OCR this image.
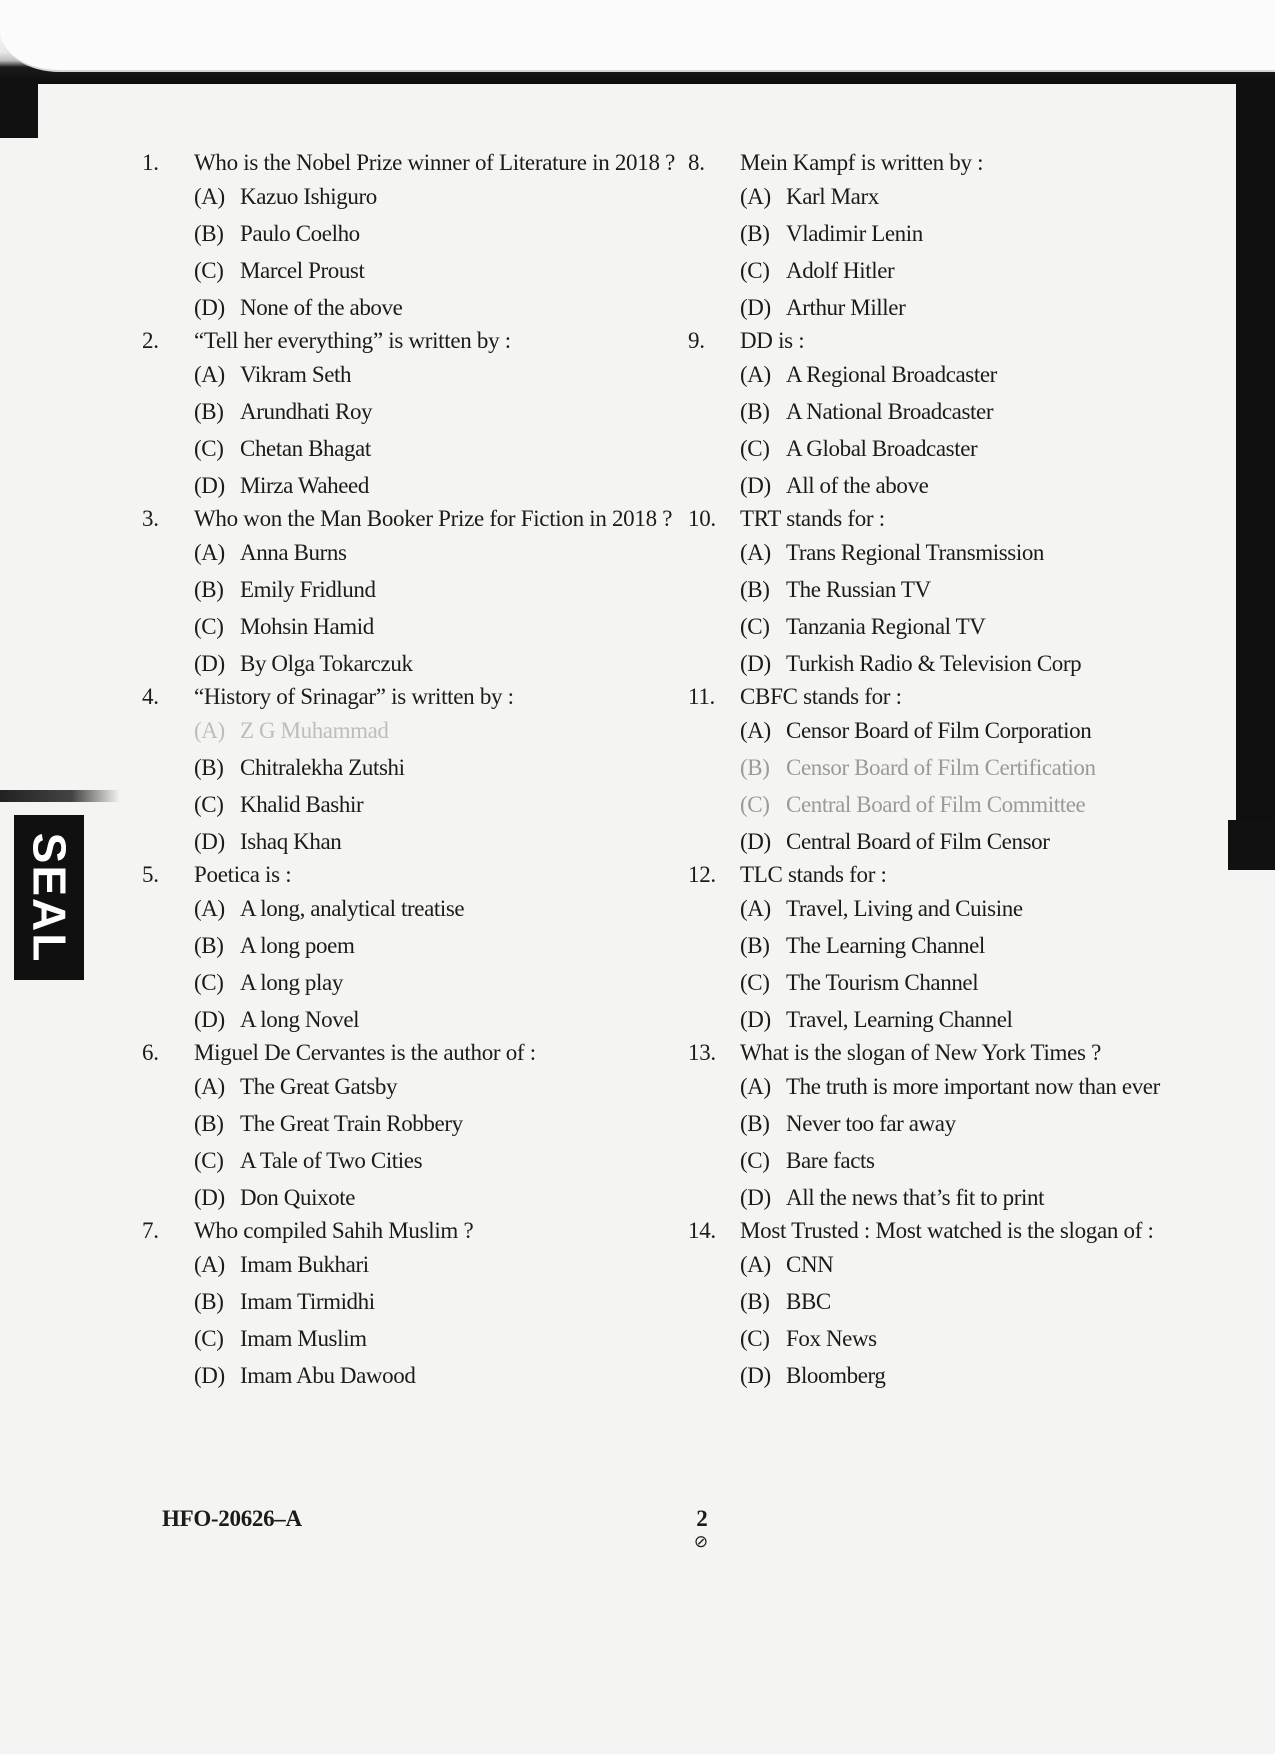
SEAL
1.	Who is the Nobel Prize winner of Literature in 2018 ?
(A) Kazuo Ishiguro
(B) Paulo Coelho
(C) Marcel Proust
(D) None of the above
2.	“Tell her everything” is written by :
(A) Vikram Seth
(B) Arundhati Roy
(C) Chetan Bhagat
(D) Mirza Waheed
3.	Who won the Man Booker Prize for Fiction in 2018 ?
(A) Anna Burns
(B) Emily Fridlund
(C) Mohsin Hamid
(D) By Olga Tokarczuk
4.	“History of Srinagar” is written by :
(A) Z G Muhammad
(B) Chitralekha Zutshi
(C) Khalid Bashir
(D) Ishaq Khan
5.	Poetica is :
(A) A long, analytical treatise
(B) A long poem
(C) A long play
(D) A long Novel
6.	Miguel De Cervantes is the author of :
(A) The Great Gatsby
(B) The Great Train Robbery
(C) A Tale of Two Cities
(D) Don Quixote
7.	Who compiled Sahih Muslim ?
(A) Imam Bukhari
(B) Imam Tirmidhi
(C) Imam Muslim
(D) Imam Abu Dawood
8.	Mein Kampf is written by :
(A) Karl Marx
(B) Vladimir Lenin
(C) Adolf Hitler
(D) Arthur Miller
9.	DD is :
(A) A Regional Broadcaster
(B) A National Broadcaster
(C) A Global Broadcaster
(D) All of the above
10.	TRT stands for :
(A) Trans Regional Transmission
(B) The Russian TV
(C) Tanzania Regional TV
(D) Turkish Radio & Television Corp
11.	CBFC stands for :
(A) Censor Board of Film Corporation
(B) Censor Board of Film Certification
(C) Central Board of Film Committee
(D) Central Board of Film Censor
12.	TLC stands for :
(A) Travel, Living and Cuisine
(B) The Learning Channel
(C) The Tourism Channel
(D) Travel, Learning Channel
13.	What is the slogan of New York Times ?
(A) The truth is more important now than ever
(B) Never too far away
(C) Bare facts
(D) All the news that’s fit to print
14.	Most Trusted : Most watched is the slogan of :
(A) CNN
(B) BBC
(C) Fox News
(D) Bloomberg
HFO-20626–A	2
⊘
